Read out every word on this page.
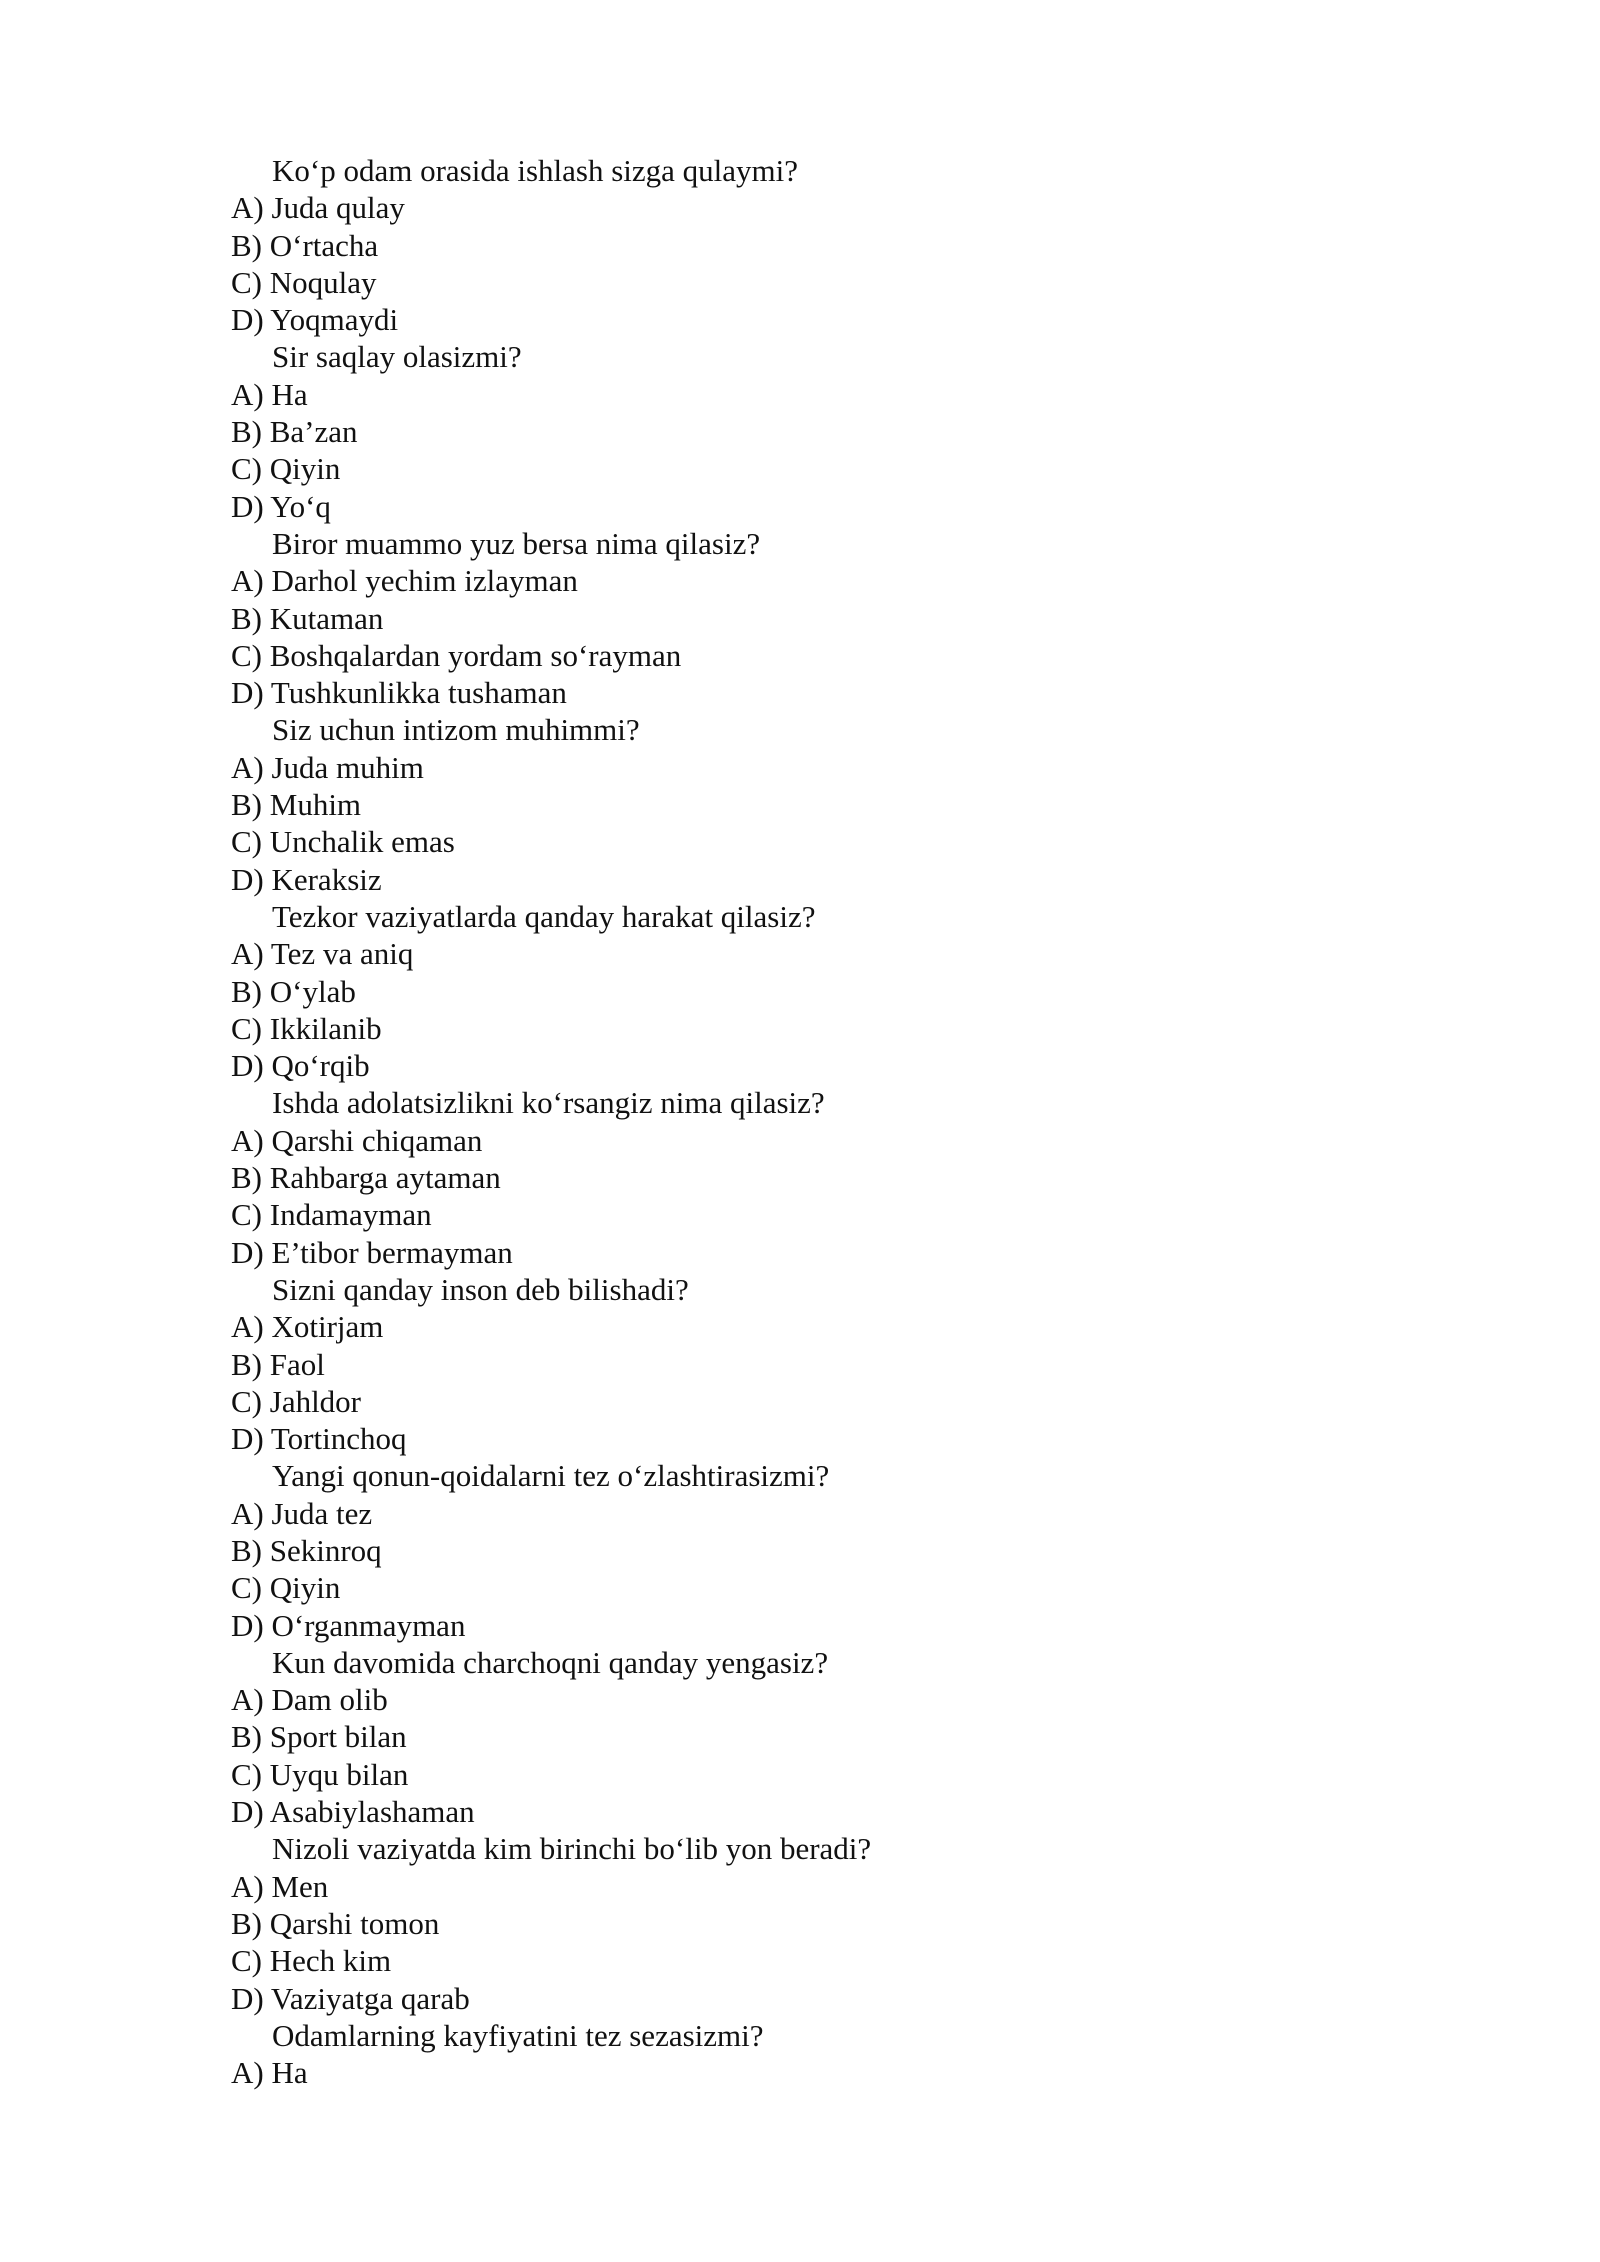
Ko‘p odam orasida ishlash sizga qulaymi?
A) Juda qulay
B) O‘rtacha
C) Noqulay
D) Yoqmaydi
Sir saqlay olasizmi?
A) Ha
B) Ba’zan
C) Qiyin
D) Yo‘q
Biror muammo yuz bersa nima qilasiz?
A) Darhol yechim izlayman
B) Kutaman
C) Boshqalardan yordam so‘rayman
D) Tushkunlikka tushaman
Siz uchun intizom muhimmi?
A) Juda muhim
B) Muhim
C) Unchalik emas
D) Keraksiz
Tezkor vaziyatlarda qanday harakat qilasiz?
A) Tez va aniq
B) O‘ylab
C) Ikkilanib
D) Qo‘rqib
Ishda adolatsizlikni ko‘rsangiz nima qilasiz?
A) Qarshi chiqaman
B) Rahbarga aytaman
C) Indamayman
D) E’tibor bermayman
Sizni qanday inson deb bilishadi?
A) Xotirjam
B) Faol
C) Jahldor
D) Tortinchoq
Yangi qonun-qoidalarni tez o‘zlashtirasizmi?
A) Juda tez
B) Sekinroq
C) Qiyin
D) O‘rganmayman
Kun davomida charchoqni qanday yengasiz?
A) Dam olib
B) Sport bilan
C) Uyqu bilan
D) Asabiylashaman
Nizoli vaziyatda kim birinchi bo‘lib yon beradi?
A) Men
B) Qarshi tomon
C) Hech kim
D) Vaziyatga qarab
Odamlarning kayfiyatini tez sezasizmi?
A) Ha
